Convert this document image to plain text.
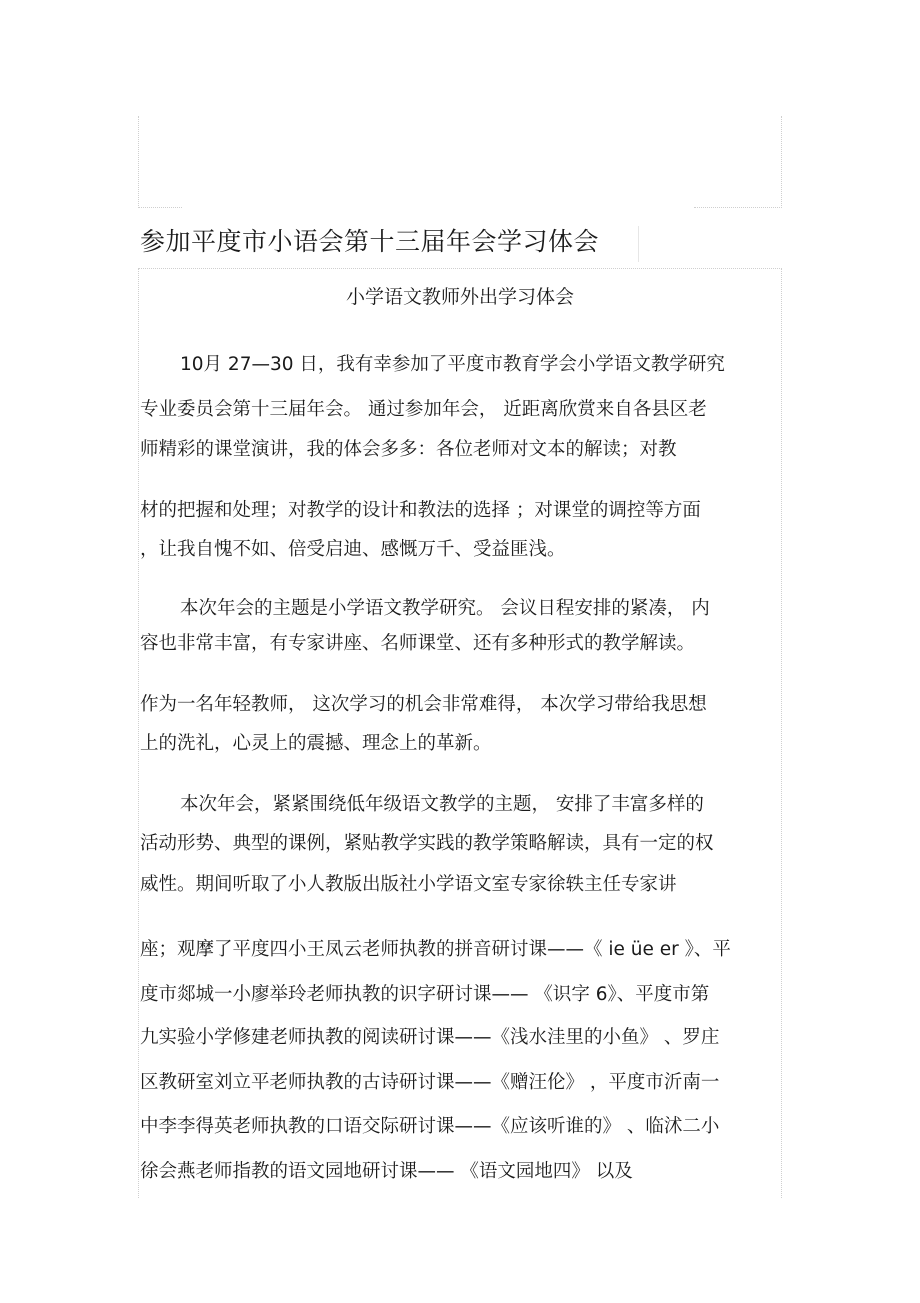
参加平度市小语会第十三届年会学习体会
小学语文教师外出学习体会

10月 27—30 日，我有幸参加了平度市教育学会小学语文教学研究

专业委员会第十三届年会。 通过参加年会， 近距离欣赏来自各县区老

师精彩的课堂演讲，我的体会多多：各位老师对文本的解读；对教

材的把握和处理；对教学的设计和教法的选择 ；对课堂的调控等方面

，让我自愧不如、倍受启迪、感慨万千、受益匪浅。

本次年会的主题是小学语文教学研究。 会议日程安排的紧凑， 内

容也非常丰富，有专家讲座、名师课堂、还有多种形式的教学解读。

作为一名年轻教师， 这次学习的机会非常难得， 本次学习带给我思想

上的洗礼，心灵上的震撼、理念上的革新。

本次年会，紧紧围绕低年级语文教学的主题， 安排了丰富多样的

活动形势、典型的课例，紧贴教学实践的教学策略解读，具有一定的权

威性。期间听取了小人教版出版社小学语文室专家徐轶主任专家讲

座；观摩了平度四小王凤云老师执教的拼音研讨课——《 ie üe er 》、平

度市郯城一小廖举玲老师执教的识字研讨课—— 《识字 6》、平度市第

九实验小学修建老师执教的阅读研讨课——《浅水洼里的小鱼》 、罗庄

区教研室刘立平老师执教的古诗研讨课——《赠汪伦》 ，平度市沂南一

中李李得英老师执教的口语交际研讨课——《应该听谁的》 、临沭二小

徐会燕老师指教的语文园地研讨课—— 《语文园地四》 以及
